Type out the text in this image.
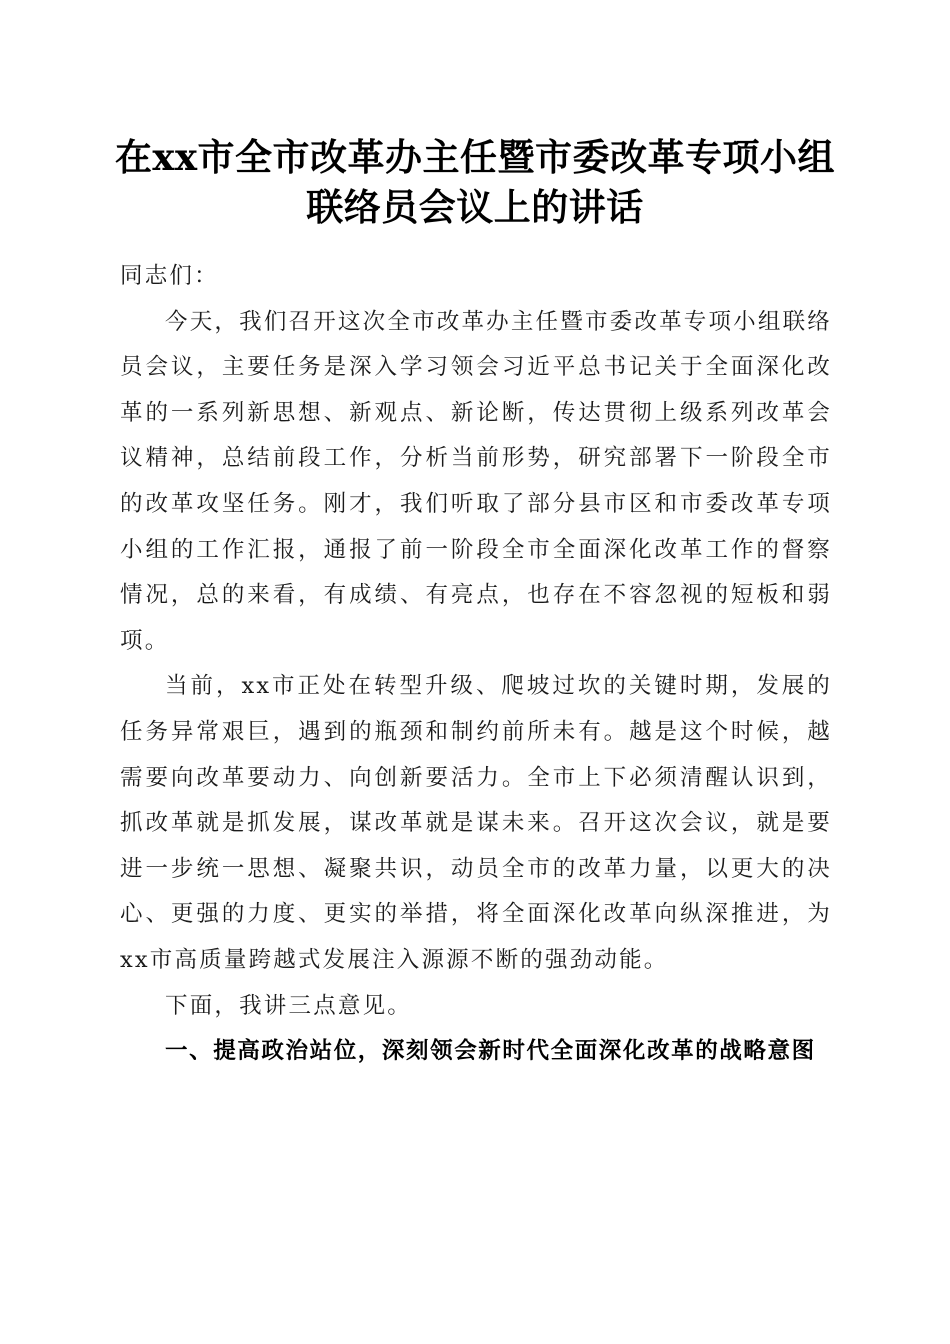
在xx市全市改革办主任暨市委改革专项小组
联络员会议上的讲话

同志们：

今天，我们召开这次全市改革办主任暨市委改革专项小组联络员会议，主要任务是深入学习领会习近平总书记关于全面深化改革的一系列新思想、新观点、新论断，传达贯彻上级系列改革会议精神，总结前段工作，分析当前形势，研究部署下一阶段全市的改革攻坚任务。刚才，我们听取了部分县市区和市委改革专项小组的工作汇报，通报了前一阶段全市全面深化改革工作的督察情况，总的来看，有成绩、有亮点，也存在不容忽视的短板和弱项。

当前，xx市正处在转型升级、爬坡过坎的关键时期，发展的任务异常艰巨，遇到的瓶颈和制约前所未有。越是这个时候，越需要向改革要动力、向创新要活力。全市上下必须清醒认识到，抓改革就是抓发展，谋改革就是谋未来。召开这次会议，就是要进一步统一思想、凝聚共识，动员全市的改革力量，以更大的决心、更强的力度、更实的举措，将全面深化改革向纵深推进，为xx市高质量跨越式发展注入源源不断的强劲动能。

下面，我讲三点意见。

一、提高政治站位，深刻领会新时代全面深化改革的战略意图
